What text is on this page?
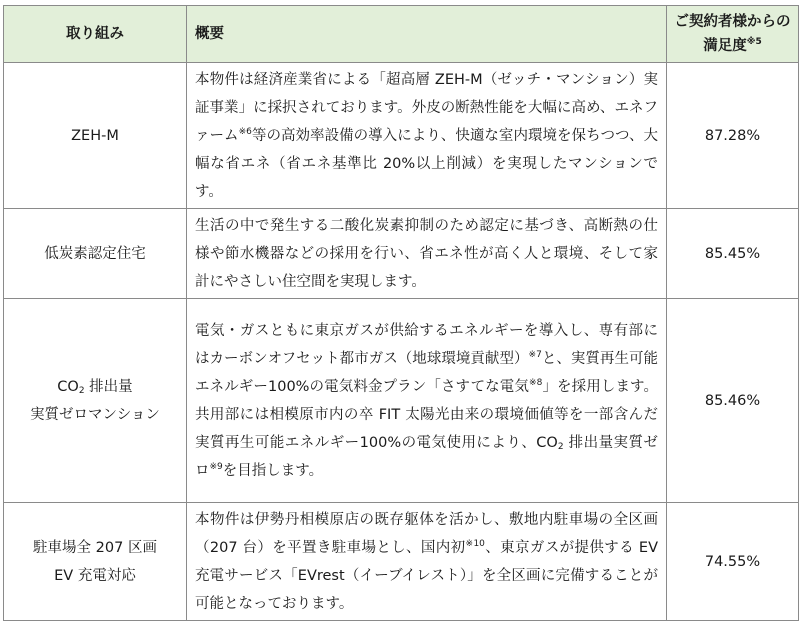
取り組み	概要	ご契約者様からの
満足度$^{※5}$
ZEH-M	本物件は経済産業省による「超高層 ZEH-M（ゼッチ・マンション）実証事業」に採択されております。外皮の断熱性能を大幅に高め、エネファーム$^{※6}$等の高効率設備の導入により、快適な室内環境を保ちつつ、大幅な省エネ（省エネ基準比 20%以上削減）を実現したマンションです。	87.28%
低炭素認定住宅	生活の中で発生する二酸化炭素抑制のため認定に基づき、高断熱の仕様や節水機器などの採用を行い、省エネ性が高く人と環境、そして家計にやさしい住空間を実現します。	85.45%
$CO_2$ 排出量
実質ゼロマンション	電気・ガスともに東京ガスが供給するエネルギーを導入し、専有部にはカーボンオフセット都市ガス（地球環境貢献型）$^{※7}$と、実質再生可能エネルギー100%の電気料金プラン「さすてな電気$^{※8}$」を採用します。共用部には相模原市内の卒 FIT 太陽光由来の環境価値等を一部含んだ実質再生可能エネルギー100%の電気使用により、$CO_2$ 排出量実質ゼロ$^{※9}$を目指します。	85.46%
駐車場全 207 区画
EV 充電対応	本物件は伊勢丹相模原店の既存躯体を活かし、敷地内駐車場の全区画（207 台）を平置き駐車場とし、国内初$^{※10}$、東京ガスが提供する EV 充電サービス「EVrest（イーブイレスト）」を全区画に完備することが可能となっております。	74.55%
